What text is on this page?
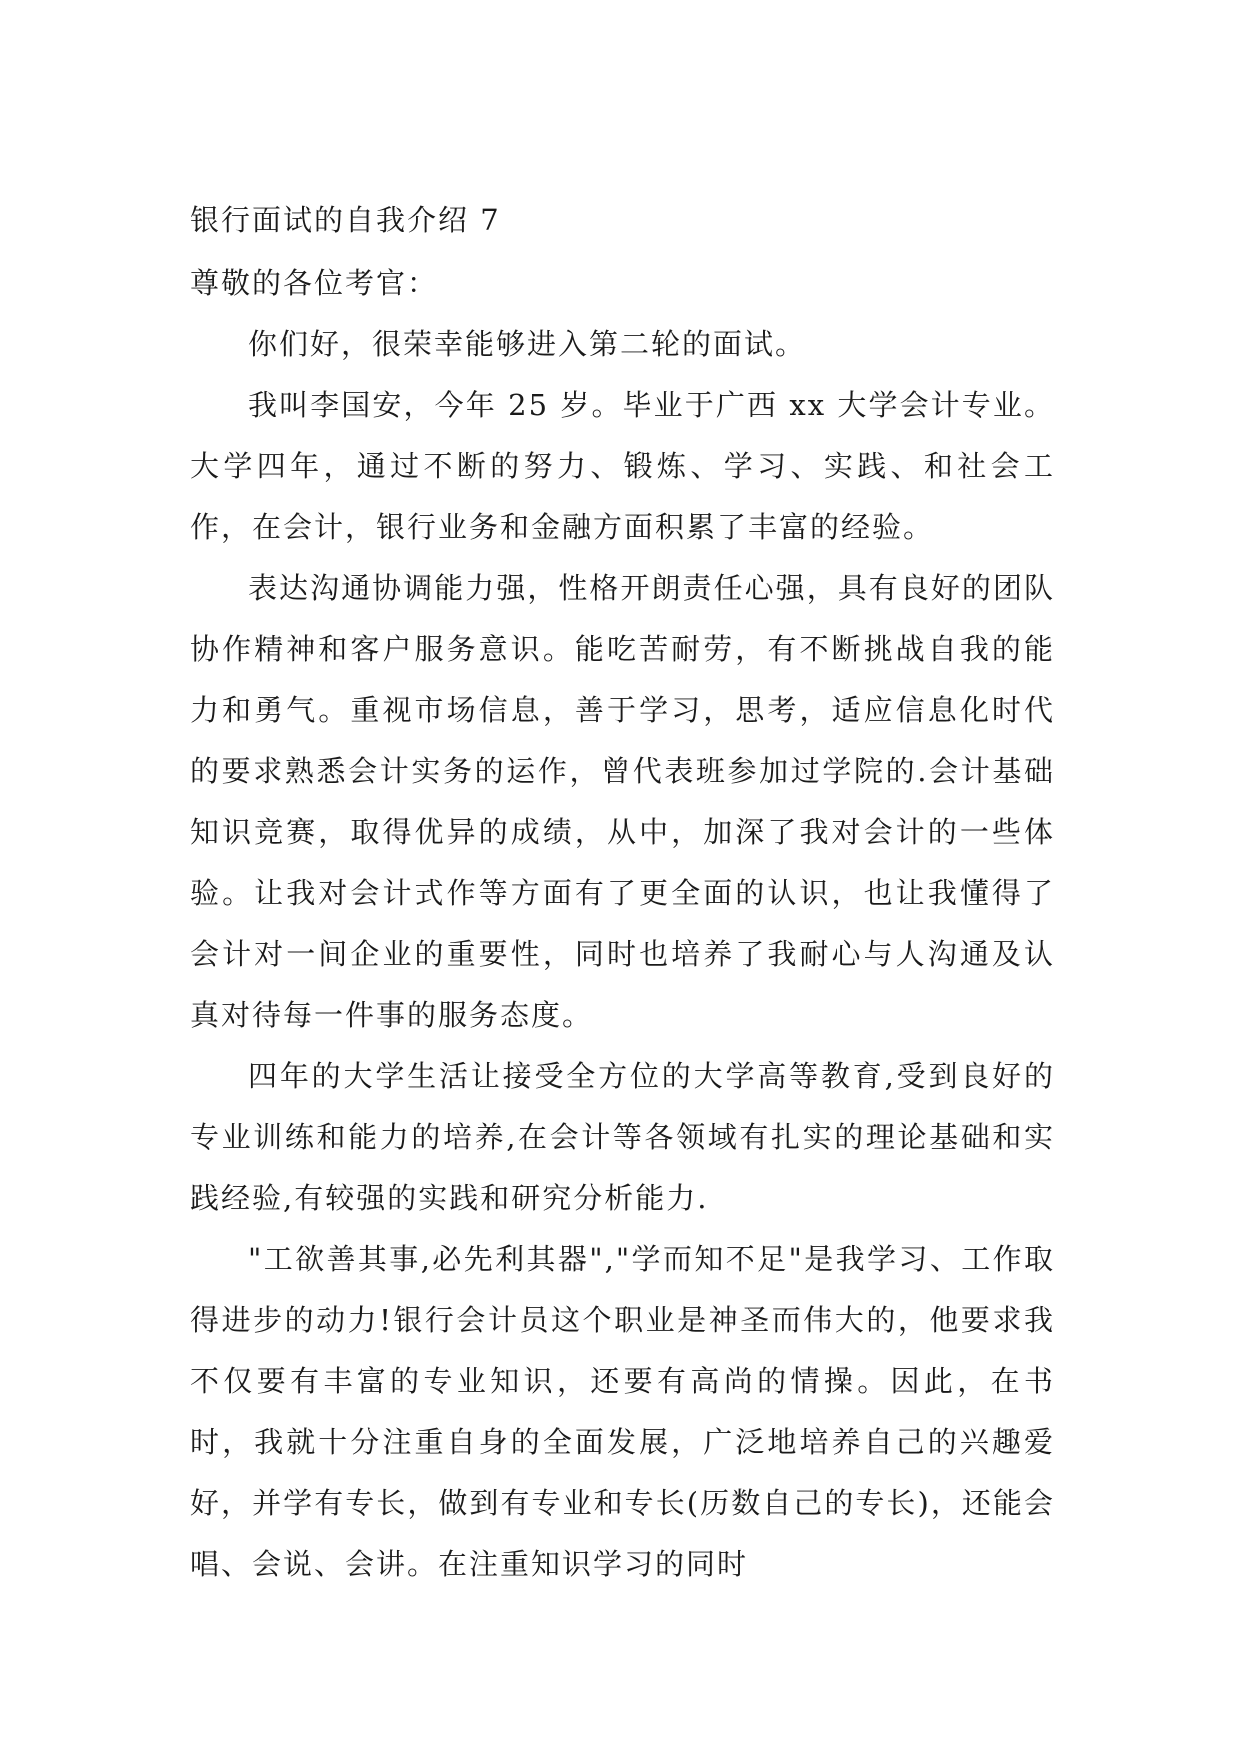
银行面试的自我介绍 7
尊敬的各位考官：

你们好，很荣幸能够进入第二轮的面试。

我叫李国安，今年 25 岁。毕业于广西 xx 大学会计专业。大学四年，通过不断的努力、锻炼、学习、实践、和社会工作，在会计，银行业务和金融方面积累了丰富的经验。

表达沟通协调能力强，性格开朗责任心强，具有良好的团队协作精神和客户服务意识。能吃苦耐劳，有不断挑战自我的能力和勇气。重视市场信息，善于学习，思考，适应信息化时代的要求熟悉会计实务的运作，曾代表班参加过学院的.会计基础知识竞赛，取得优异的成绩，从中，加深了我对会计的一些体验。让我对会计式作等方面有了更全面的认识，也让我懂得了会计对一间企业的重要性，同时也培养了我耐心与人沟通及认真对待每一件事的服务态度。

四年的大学生活让接受全方位的大学高等教育,受到良好的专业训练和能力的培养,在会计等各领域有扎实的理论基础和实践经验,有较强的实践和研究分析能力.

"工欲善其事,必先利其器","学而知不足"是我学习、工作取得进步的动力!银行会计员这个职业是神圣而伟大的，他要求我不仅要有丰富的专业知识，还要有高尚的情操。因此，在书时，我就十分注重自身的全面发展，广泛地培养自己的兴趣爱好，并学有专长，做到有专业和专长(历数自己的专长)，还能会唱、会说、会讲。在注重知识学习的同时
